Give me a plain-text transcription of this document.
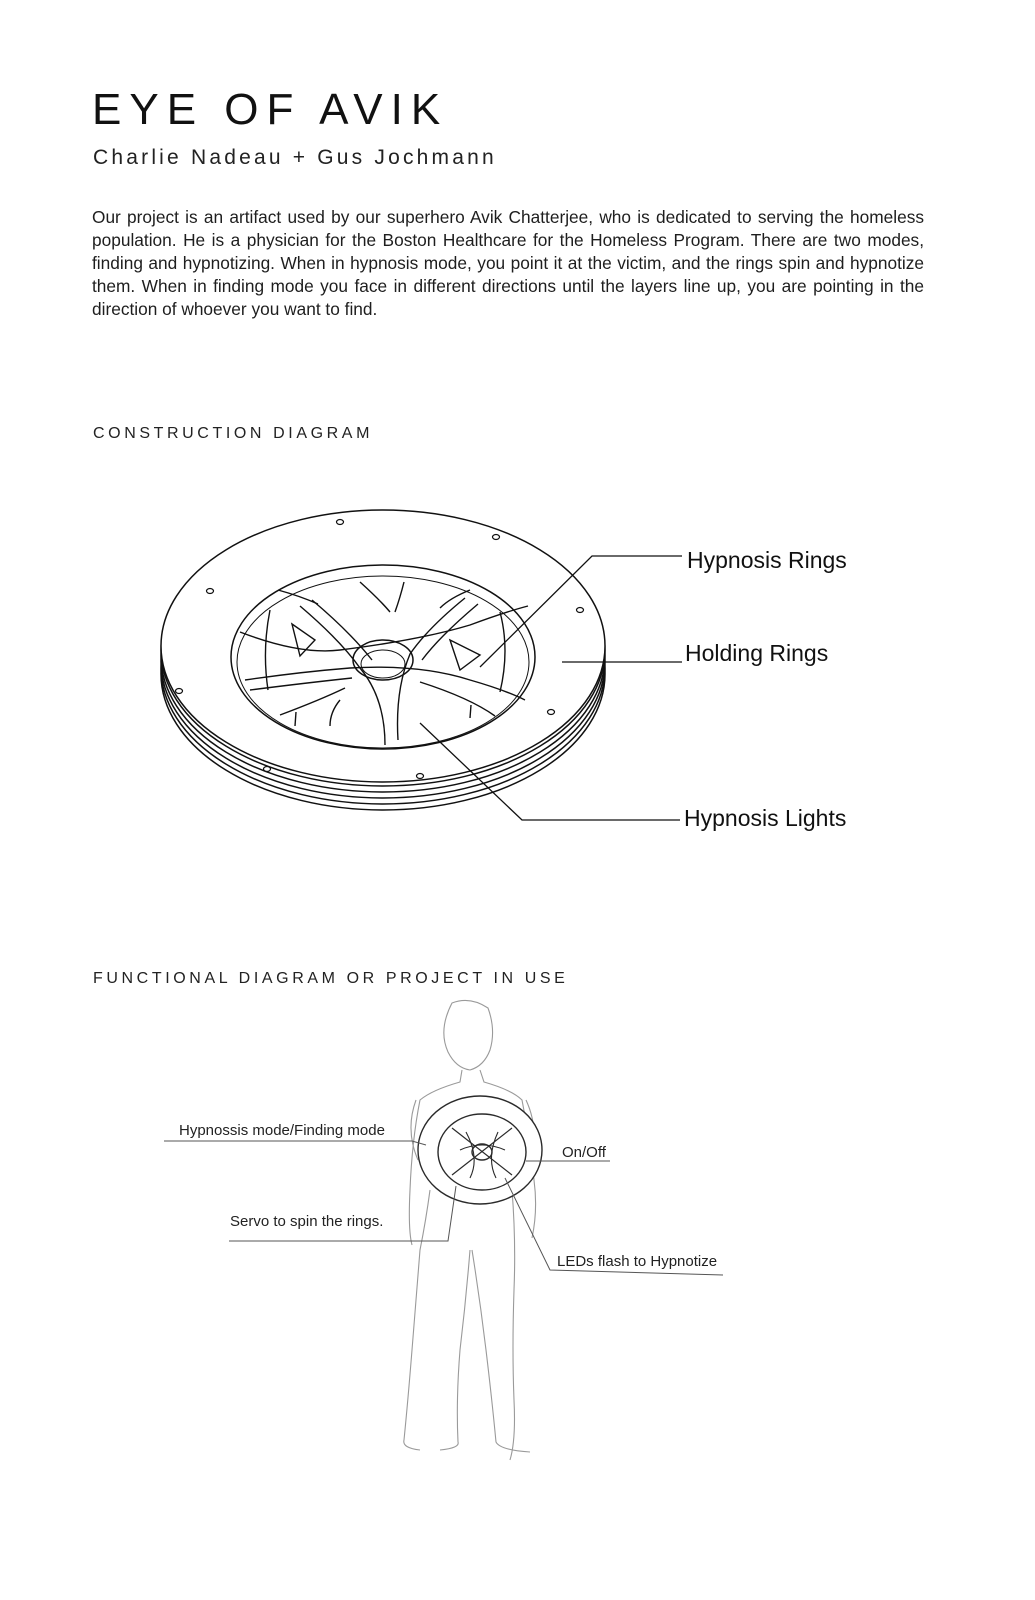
EYE OF AVIK
Charlie Nadeau + Gus Jochmann

Our project is an artifact used by our superhero Avik Chatterjee, who is dedicated to serving the homeless population. He is a physician for the Boston Healthcare for the Homeless Program. There are two modes, finding and hypnotizing. When in hypnosis mode, you point it at the victim, and the rings spin and hypnotize them. When in finding mode you face in different directions until the layers line up, you are pointing in the direction of whoever you want to find.

CONSTRUCTION DIAGRAM
Hypnosis Rings
Holding Rings
Hypnosis Lights
FUNCTIONAL DIAGRAM OR PROJECT IN USE
Hypnossis mode/Finding mode
On/Off
Servo to spin the rings.
LEDs flash to Hypnotize
